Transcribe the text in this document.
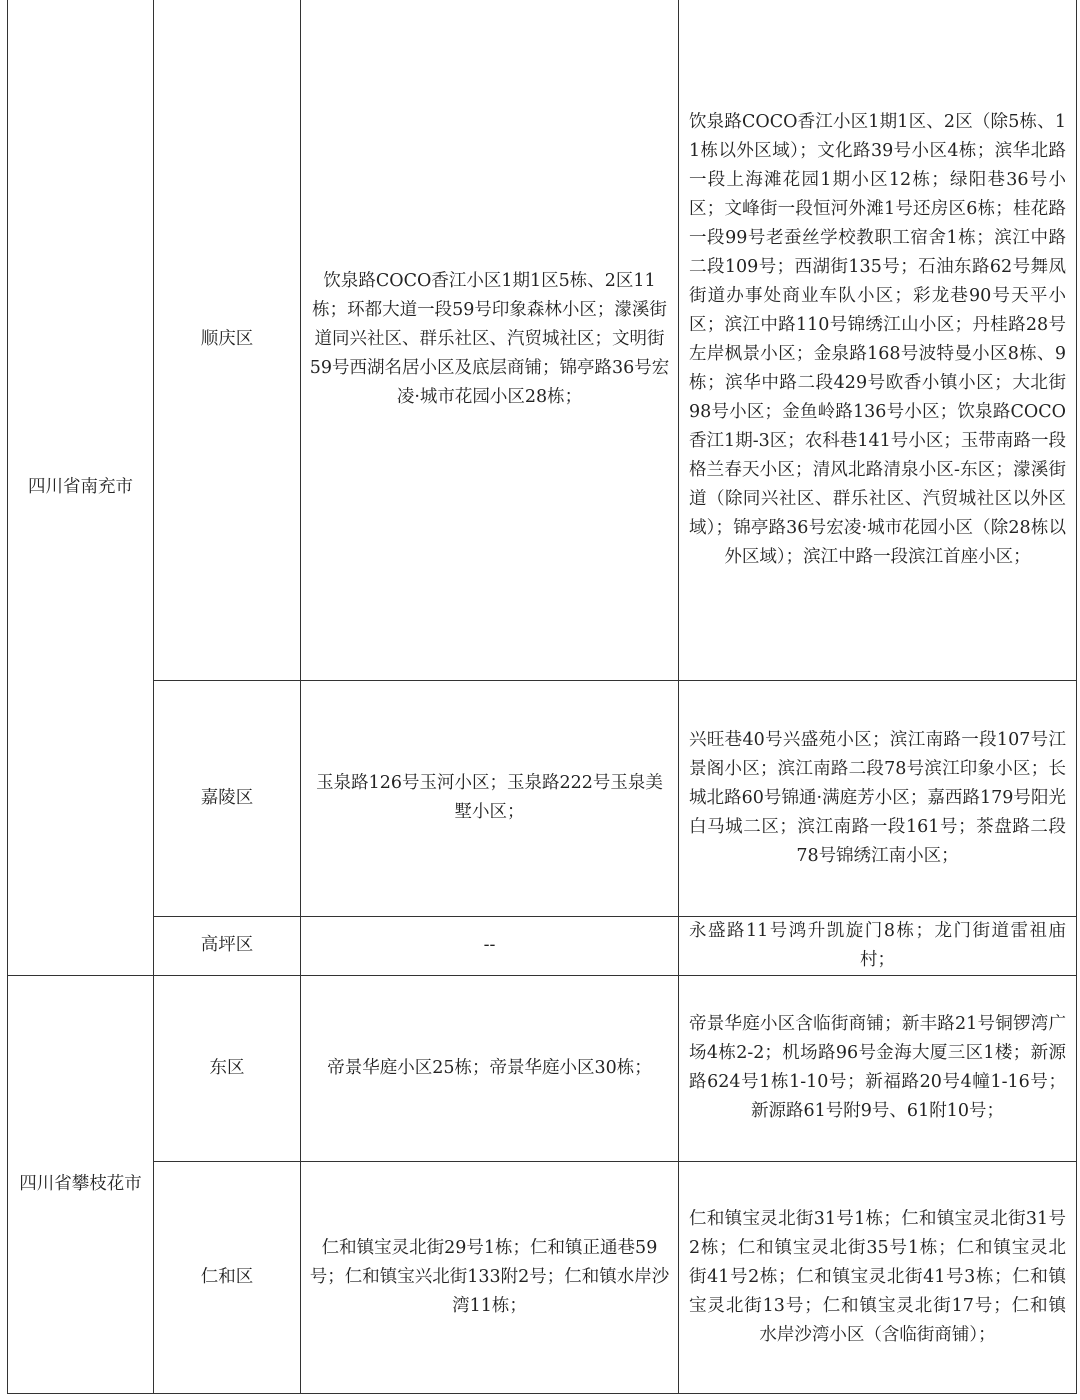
四川省南充市	顺庆区	饮泉路COCO香江小区1期1区5栋、2区11栋；环都大道一段59号印象森林小区；濛溪街道同兴社区、群乐社区、汽贸城社区；文明街59号西湖名居小区及底层商铺；锦亭路36号宏凌·城市花园小区28栋；	饮泉路COCO香江小区1期1区、2区（除5栋、11栋以外区域）；文化路39号小区4栋；滨华北路一段上海滩花园1期小区12栋；绿阳巷36号小区；文峰街一段恒河外滩1号还房区6栋；桂花路一段99号老蚕丝学校教职工宿舍1栋；滨江中路二段109号；西湖街135号；石油东路62号舞凤街道办事处商业车队小区；彩龙巷90号天平小区；滨江中路110号锦绣江山小区；丹桂路28号左岸枫景小区；金泉路168号波特曼小区8栋、9栋；滨华中路二段429号欧香小镇小区；大北街98号小区；金鱼岭路136号小区；饮泉路COCO香江1期-3区；农科巷141号小区；玉带南路一段格兰春天小区；清风北路清泉小区-东区；濛溪街道（除同兴社区、群乐社区、汽贸城社区以外区域）；锦亭路36号宏凌·城市花园小区（除28栋以外区域）；滨江中路一段滨江首座小区；
	嘉陵区	玉泉路126号玉河小区；玉泉路222号玉泉美墅小区；	兴旺巷40号兴盛苑小区；滨江南路一段107号江景阁小区；滨江南路二段78号滨江印象小区；长城北路60号锦通·满庭芳小区；嘉西路179号阳光白马城二区；滨江南路一段161号；茶盘路二段78号锦绣江南小区；
	高坪区	--	永盛路11号鸿升凯旋门8栋；龙门街道雷祖庙村；
四川省攀枝花市	东区	帝景华庭小区25栋；帝景华庭小区30栋；	帝景华庭小区含临街商铺；新丰路21号铜锣湾广场4栋2-2；机场路96号金海大厦三区1楼；新源路624号1栋1-10号；新福路20号4幢1-16号；新源路61号附9号、61附10号；
	仁和区	仁和镇宝灵北街29号1栋；仁和镇正通巷59号；仁和镇宝兴北街133附2号；仁和镇水岸沙湾11栋；	仁和镇宝灵北街31号1栋；仁和镇宝灵北街31号2栋；仁和镇宝灵北街35号1栋；仁和镇宝灵北街41号2栋；仁和镇宝灵北街41号3栋；仁和镇宝灵北街13号；仁和镇宝灵北街17号；仁和镇水岸沙湾小区（含临街商铺）；
